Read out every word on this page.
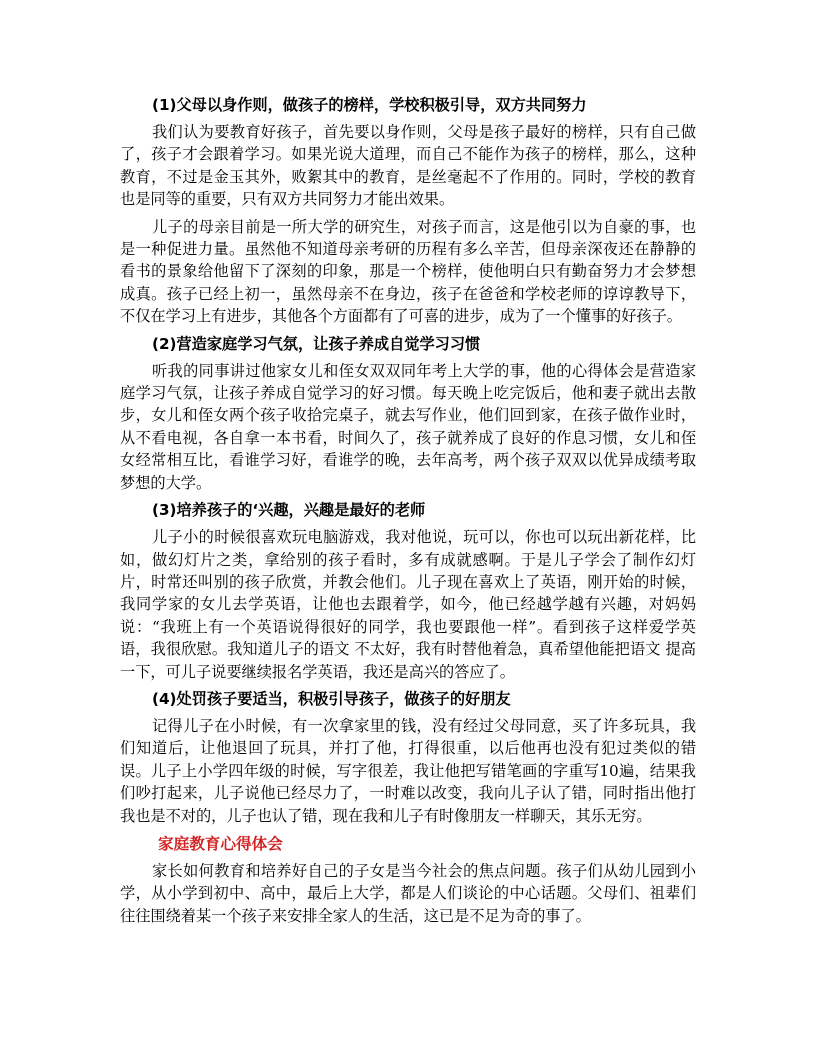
(1)父母以身作则，做孩子的榜样，学校积极引导，双方共同努力

我们认为要教育好孩子，首先要以身作则，父母是孩子最好的榜样，只有自己做了，孩子才会跟着学习。如果光说大道理，而自己不能作为孩子的榜样，那么，这种教育，不过是金玉其外，败絮其中的教育，是丝毫起不了作用的。同时，学校的教育也是同等的重要，只有双方共同努力才能出效果。

儿子的母亲目前是一所大学的研究生，对孩子而言，这是他引以为自豪的事，也是一种促进力量。虽然他不知道母亲考研的历程有多么辛苦，但母亲深夜还在静静的看书的景象给他留下了深刻的印象，那是一个榜样，使他明白只有勤奋努力才会梦想成真。孩子已经上初一，虽然母亲不在身边，孩子在爸爸和学校老师的谆谆教导下，不仅在学习上有进步，其他各个方面都有了可喜的进步，成为了一个懂事的好孩子。

(2)营造家庭学习气氛，让孩子养成自觉学习习惯

听我的同事讲过他家女儿和侄女双双同年考上大学的事，他的心得体会是营造家庭学习气氛，让孩子养成自觉学习的好习惯。每天晚上吃完饭后，他和妻子就出去散步，女儿和侄女两个孩子收拾完桌子，就去写作业，他们回到家，在孩子做作业时，从不看电视，各自拿一本书看，时间久了，孩子就养成了良好的作息习惯，女儿和侄女经常相互比，看谁学习好，看谁学的晚，去年高考，两个孩子双双以优异成绩考取梦想的大学。

(3)培养孩子的‘兴趣，兴趣是最好的老师

儿子小的时候很喜欢玩电脑游戏，我对他说，玩可以，你也可以玩出新花样，比如，做幻灯片之类，拿给别的孩子看时，多有成就感啊。于是儿子学会了制作幻灯片，时常还叫别的孩子欣赏，并教会他们。儿子现在喜欢上了英语，刚开始的时候，我同学家的女儿去学英语，让他也去跟着学，如今，他已经越学越有兴趣，对妈妈说：“我班上有一个英语说得很好的同学，我也要跟他一样”。看到孩子这样爱学英语，我很欣慰。我知道儿子的语文 不太好，我有时替他着急，真希望他能把语文 提高一下，可儿子说要继续报名学英语，我还是高兴的答应了。

(4)处罚孩子要适当，积极引导孩子，做孩子的好朋友

记得儿子在小时候，有一次拿家里的钱，没有经过父母同意，买了许多玩具，我们知道后，让他退回了玩具，并打了他，打得很重，以后他再也没有犯过类似的错误。儿子上小学四年级的时候，写字很差，我让他把写错笔画的字重写10遍，结果我们吵打起来，儿子说他已经尽力了，一时难以改变，我向儿子认了错，同时指出他打我也是不对的，儿子也认了错，现在我和儿子有时像朋友一样聊天，其乐无穷。

家庭教育心得体会

家长如何教育和培养好自己的子女是当今社会的焦点问题。孩子们从幼儿园到小学，从小学到初中、高中，最后上大学，都是人们谈论的中心话题。父母们、祖辈们往往围绕着某一个孩子来安排全家人的生活，这已是不足为奇的事了。
